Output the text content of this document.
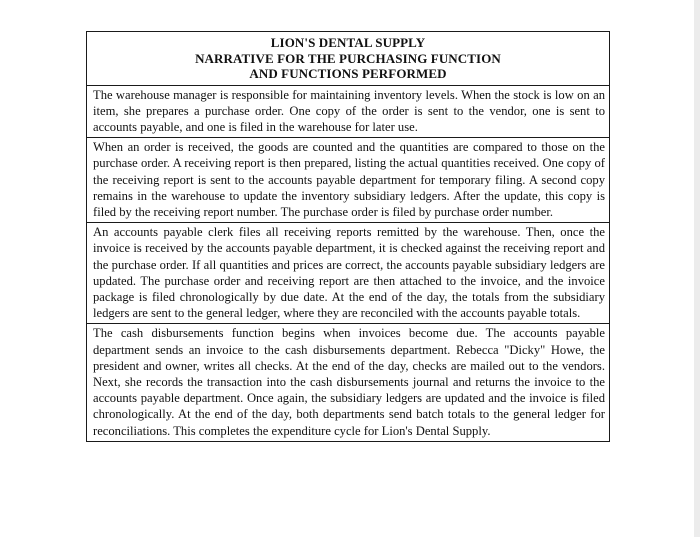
LION'S DENTAL SUPPLY
NARRATIVE FOR THE PURCHASING FUNCTION
AND FUNCTIONS PERFORMED
The warehouse manager is responsible for maintaining inventory levels. When the stock is low on an item, she prepares a purchase order. One copy of the order is sent to the vendor, one is sent to accounts payable, and one is filed in the warehouse for later use.
When an order is received, the goods are counted and the quantities are compared to those on the purchase order. A receiving report is then prepared, listing the actual quantities received. One copy of the receiving report is sent to the accounts payable department for temporary filing. A second copy remains in the warehouse to update the inventory subsidiary ledgers. After the update, this copy is filed by the receiving report number. The purchase order is filed by purchase order number.
An accounts payable clerk files all receiving reports remitted by the warehouse. Then, once the invoice is received by the accounts payable department, it is checked against the receiving report and the purchase order. If all quantities and prices are correct, the accounts payable subsidiary ledgers are updated. The purchase order and receiving report are then attached to the invoice, and the invoice package is filed chronologically by due date. At the end of the day, the totals from the subsidiary ledgers are sent to the general ledger, where they are reconciled with the accounts payable totals.
The cash disbursements function begins when invoices become due. The accounts payable department sends an invoice to the cash disbursements department. Rebecca "Dicky" Howe, the president and owner, writes all checks. At the end of the day, checks are mailed out to the vendors. Next, she records the transaction into the cash disbursements journal and returns the invoice to the accounts payable department. Once again, the subsidiary ledgers are updated and the invoice is filed chronologically. At the end of the day, both departments send batch totals to the general ledger for reconciliations. This completes the expenditure cycle for Lion's Dental Supply.
